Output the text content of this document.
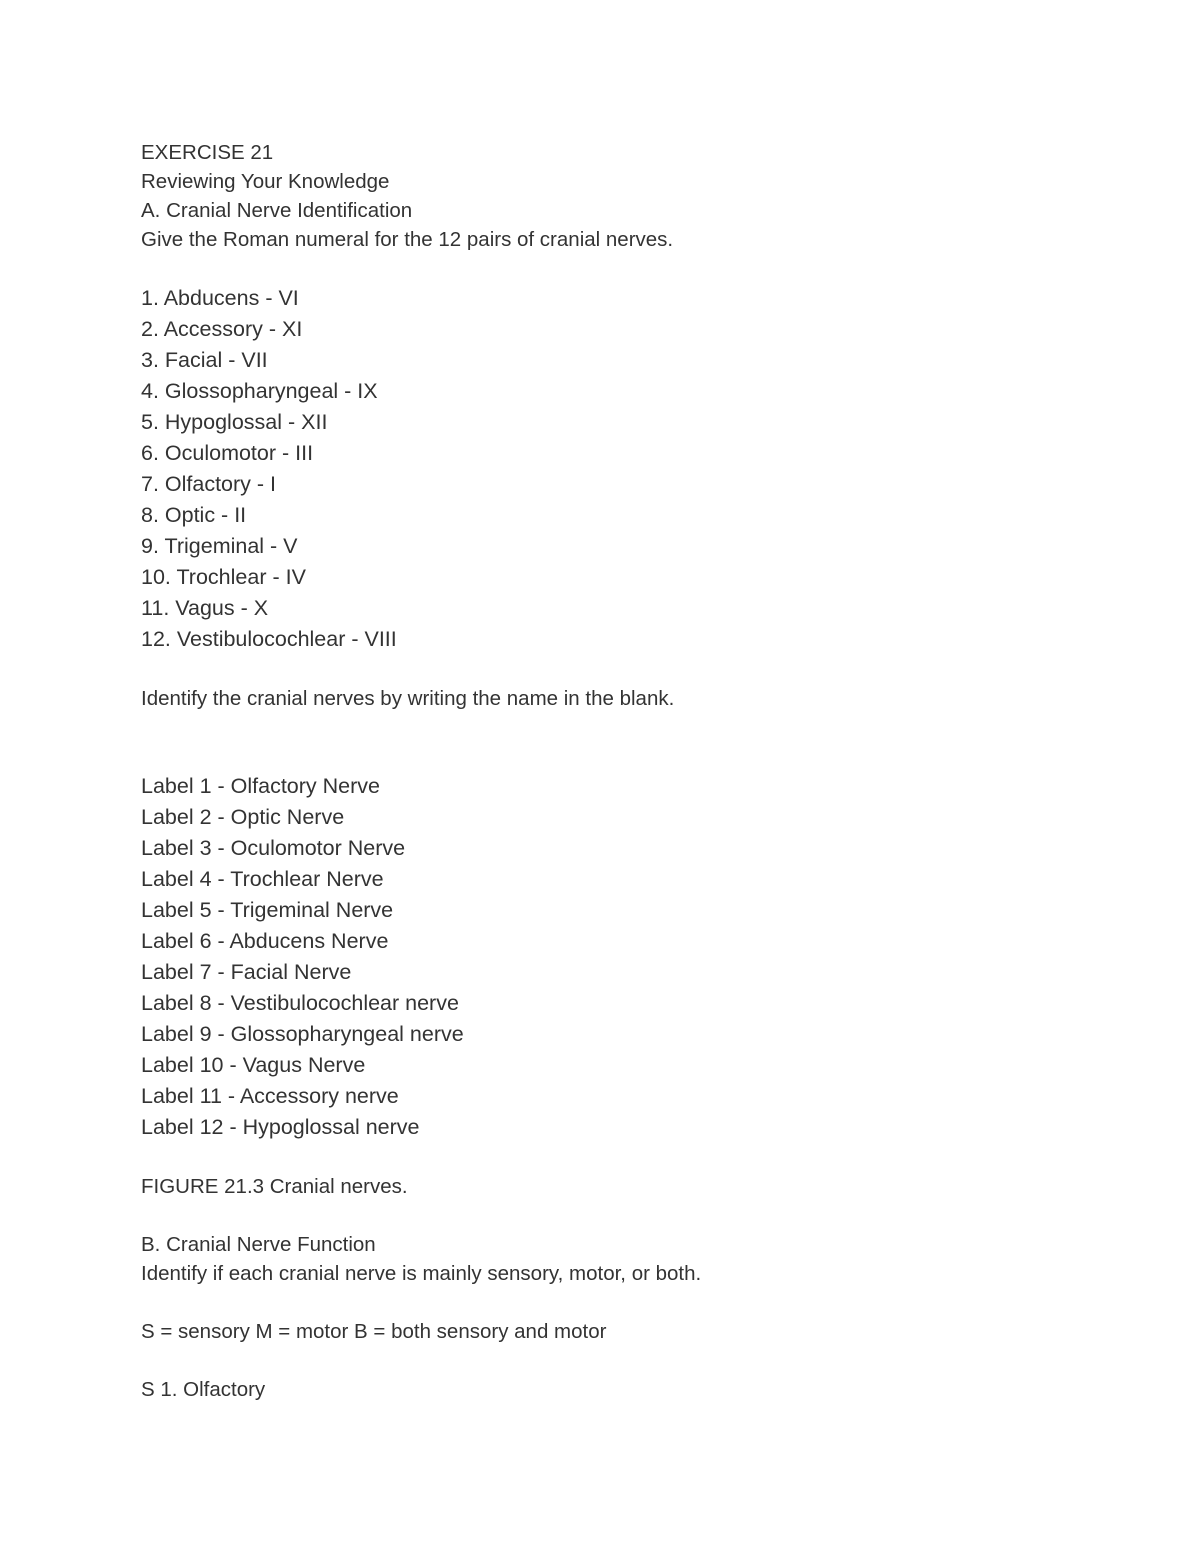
EXERCISE 21
Reviewing Your Knowledge
A. Cranial Nerve Identification
Give the Roman numeral for the 12 pairs of cranial nerves.
1. Abducens - VI
2. Accessory - XI
3. Facial - VII
4. Glossopharyngeal - IX
5. Hypoglossal - XII
6. Oculomotor - III
7. Olfactory - I
8. Optic - II
9. Trigeminal - V
10. Trochlear - IV
11. Vagus - X
12. Vestibulocochlear - VIII
Identify the cranial nerves by writing the name in the blank.
Label 1 - Olfactory Nerve
Label 2 - Optic Nerve
Label 3 - Oculomotor Nerve
Label 4 - Trochlear Nerve
Label 5 - Trigeminal Nerve
Label 6 - Abducens Nerve
Label 7 - Facial Nerve
Label 8 - Vestibulocochlear nerve
Label 9 - Glossopharyngeal nerve
Label 10 - Vagus Nerve
Label 11 - Accessory nerve
Label 12 - Hypoglossal nerve
FIGURE 21.3 Cranial nerves.
B. Cranial Nerve Function
Identify if each cranial nerve is mainly sensory, motor, or both.
S = sensory M = motor B = both sensory and motor
S 1. Olfactory
